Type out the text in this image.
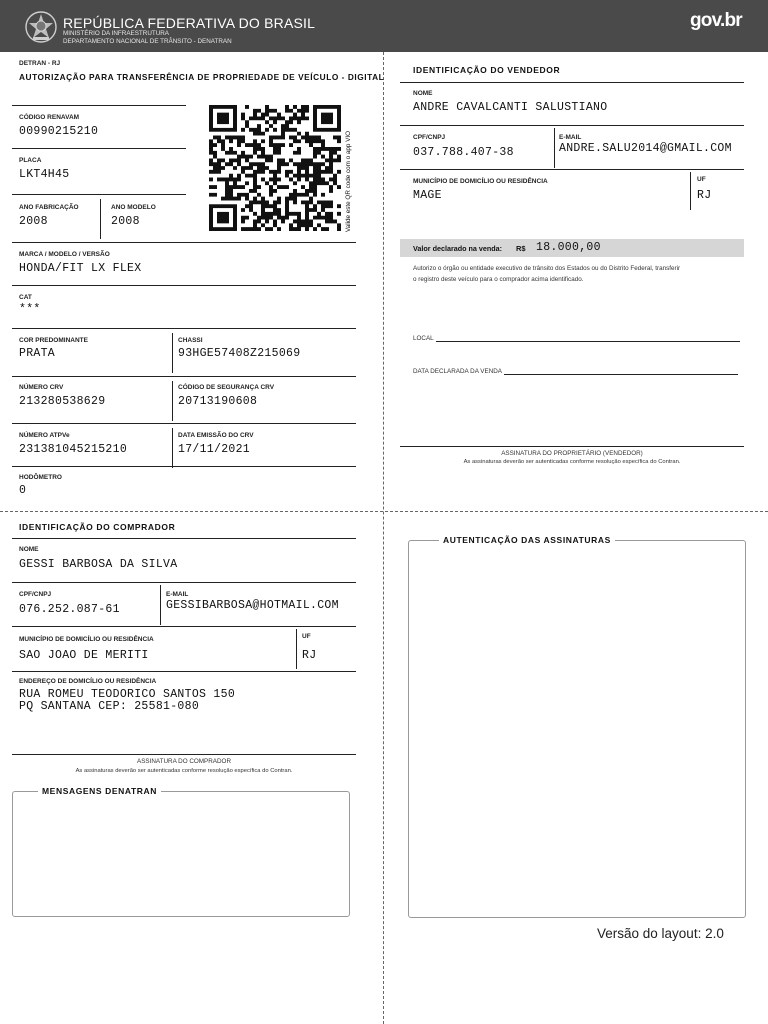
REPÚBLICA FEDERATIVA DO BRASIL
MINISTÉRIO DA INFRAESTRUTURA
DEPARTAMENTO NACIONAL DE TRÂNSITO - DENATRAN
gov.br
DETRAN - RJ
AUTORIZAÇÃO PARA TRANSFERÊNCIA DE PROPRIEDADE DE VEÍCULO - DIGITAL
CÓDIGO RENAVAM
00990215210
PLACA
LKT4H45
ANO FABRICAÇÃO
2008
ANO MODELO
2008	Valide este QR code com o app VIO
MARCA / MODELO / VERSÃO
HONDA/FIT LX FLEX
CAT
***
COR PREDOMINANTE
PRATA
CHASSI
93HGE57408Z215069
NÚMERO CRV
213280538629
CÓDIGO DE SEGURANÇA CRV
20713190608
NÚMERO ATPVe
231381045215210
DATA EMISSÃO DO CRV
17/11/2021
HODÔMETRO
0
IDENTIFICAÇÃO DO VENDEDOR
NOME
ANDRE CAVALCANTI SALUSTIANO
CPF/CNPJ
037.788.407-38
E-MAIL
ANDRE.SALU2014@GMAIL.COM
MUNICÍPIO DE DOMICÍLIO OU RESIDÊNCIA
MAGE
UF
RJ
Valor declarado na venda: R$ 18.000,00
Autorizo o órgão ou entidade executivo de trânsito dos Estados ou do Distrito Federal, transferir
o registro deste veículo para o comprador acima identificado.
LOCAL
DATA DECLARADA DA VENDA
ASSINATURA DO PROPRIETÁRIO (VENDEDOR)
As assinaturas deverão ser autenticadas conforme resolução específica do Contran.
IDENTIFICAÇÃO DO COMPRADOR
NOME
GESSI BARBOSA DA SILVA
CPF/CNPJ
076.252.087-61
E-MAIL
GESSIBARBOSA@HOTMAIL.COM
MUNICÍPIO DE DOMICÍLIO OU RESIDÊNCIA
SAO JOAO DE MERITI
UF
RJ
ENDEREÇO DE DOMICÍLIO OU RESIDÊNCIA
RUA ROMEU TEODORICO SANTOS 150
PQ SANTANA CEP: 25581-080
ASSINATURA DO COMPRADOR
As assinaturas deverão ser autenticadas conforme resolução específica do Contran.
MENSAGENS DENATRAN
AUTENTICAÇÃO DAS ASSINATURAS
Versão do layout: 2.0
